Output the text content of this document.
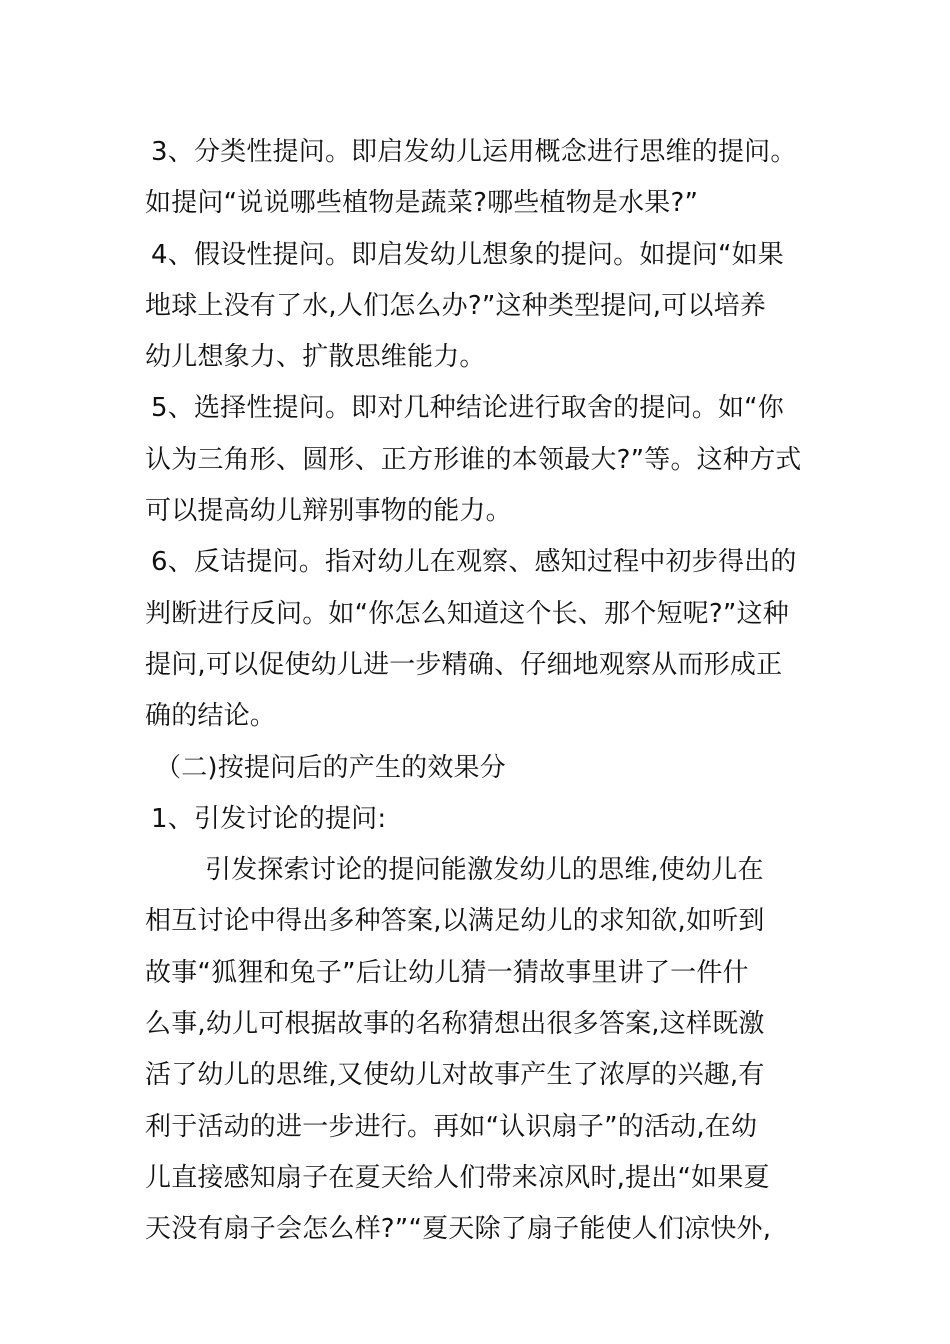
3、分类性提问。即启发幼儿运用概念进行思维的提问。
如提问“说说哪些植物是蔬菜?哪些植物是水果?”
4、假设性提问。即启发幼儿想象的提问。如提问“如果
地球上没有了水,人们怎么办?”这种类型提问,可以培养
幼儿想象力、扩散思维能力。
5、选择性提问。即对几种结论进行取舍的提问。如“你
认为三角形、圆形、正方形谁的本领最大?”等。这种方式
可以提高幼儿辩别事物的能力。
6、反诘提问。指对幼儿在观察、感知过程中初步得出的
判断进行反问。如“你怎么知道这个长、那个短呢?”这种
提问,可以促使幼儿进一步精确、仔细地观察从而形成正
确的结论。
（二)按提问后的产生的效果分
1、引发讨论的提问:
引发探索讨论的提问能激发幼儿的思维,使幼儿在
相互讨论中得出多种答案,以满足幼儿的求知欲,如听到
故事“狐狸和兔子”后让幼儿猜一猜故事里讲了一件什
么事,幼儿可根据故事的名称猜想出很多答案,这样既激
活了幼儿的思维,又使幼儿对故事产生了浓厚的兴趣,有
利于活动的进一步进行。再如“认识扇子”的活动,在幼
儿直接感知扇子在夏天给人们带来凉风时,提出“如果夏
天没有扇子会怎么样?”“夏天除了扇子能使人们凉快外,
